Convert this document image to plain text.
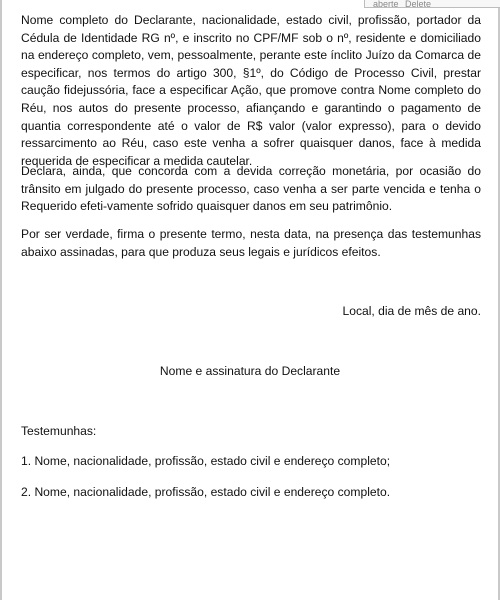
aberte Delete

Nome completo do Declarante, nacionalidade, estado civil, profissão, portador da Cédula de Identidade RG nº, e inscrito no CPF/MF sob o nº, residente e domiciliado na endereço completo, vem, pessoalmente, perante este ínclito Juízo da Comarca de especificar, nos termos do artigo 300, §1º, do Código de Processo Civil, prestar caução fidejussória, face a especificar Ação, que promove contra Nome completo do Réu, nos autos do presente processo, afiançando e garantindo o pagamento de quantia correspondente até o valor de R$ valor (valor expresso), para o devido ressarcimento ao Réu, caso este venha a sofrer quaisquer danos, face à medida requerida de especificar a medida cautelar.

Declara, ainda, que concorda com a devida correção monetária, por ocasião do trânsito em julgado do presente processo, caso venha a ser parte vencida e tenha o Requerido efeti-vamente sofrido quaisquer danos em seu patrimônio.

Por ser verdade, firma o presente termo, nesta data, na presença das testemunhas abaixo assinadas, para que produza seus legais e jurídicos efeitos.

Local, dia de mês de ano.
Nome e assinatura do Declarante
Testemunhas:
1. Nome, nacionalidade, profissão, estado civil e endereço completo;
2. Nome, nacionalidade, profissão, estado civil e endereço completo.
